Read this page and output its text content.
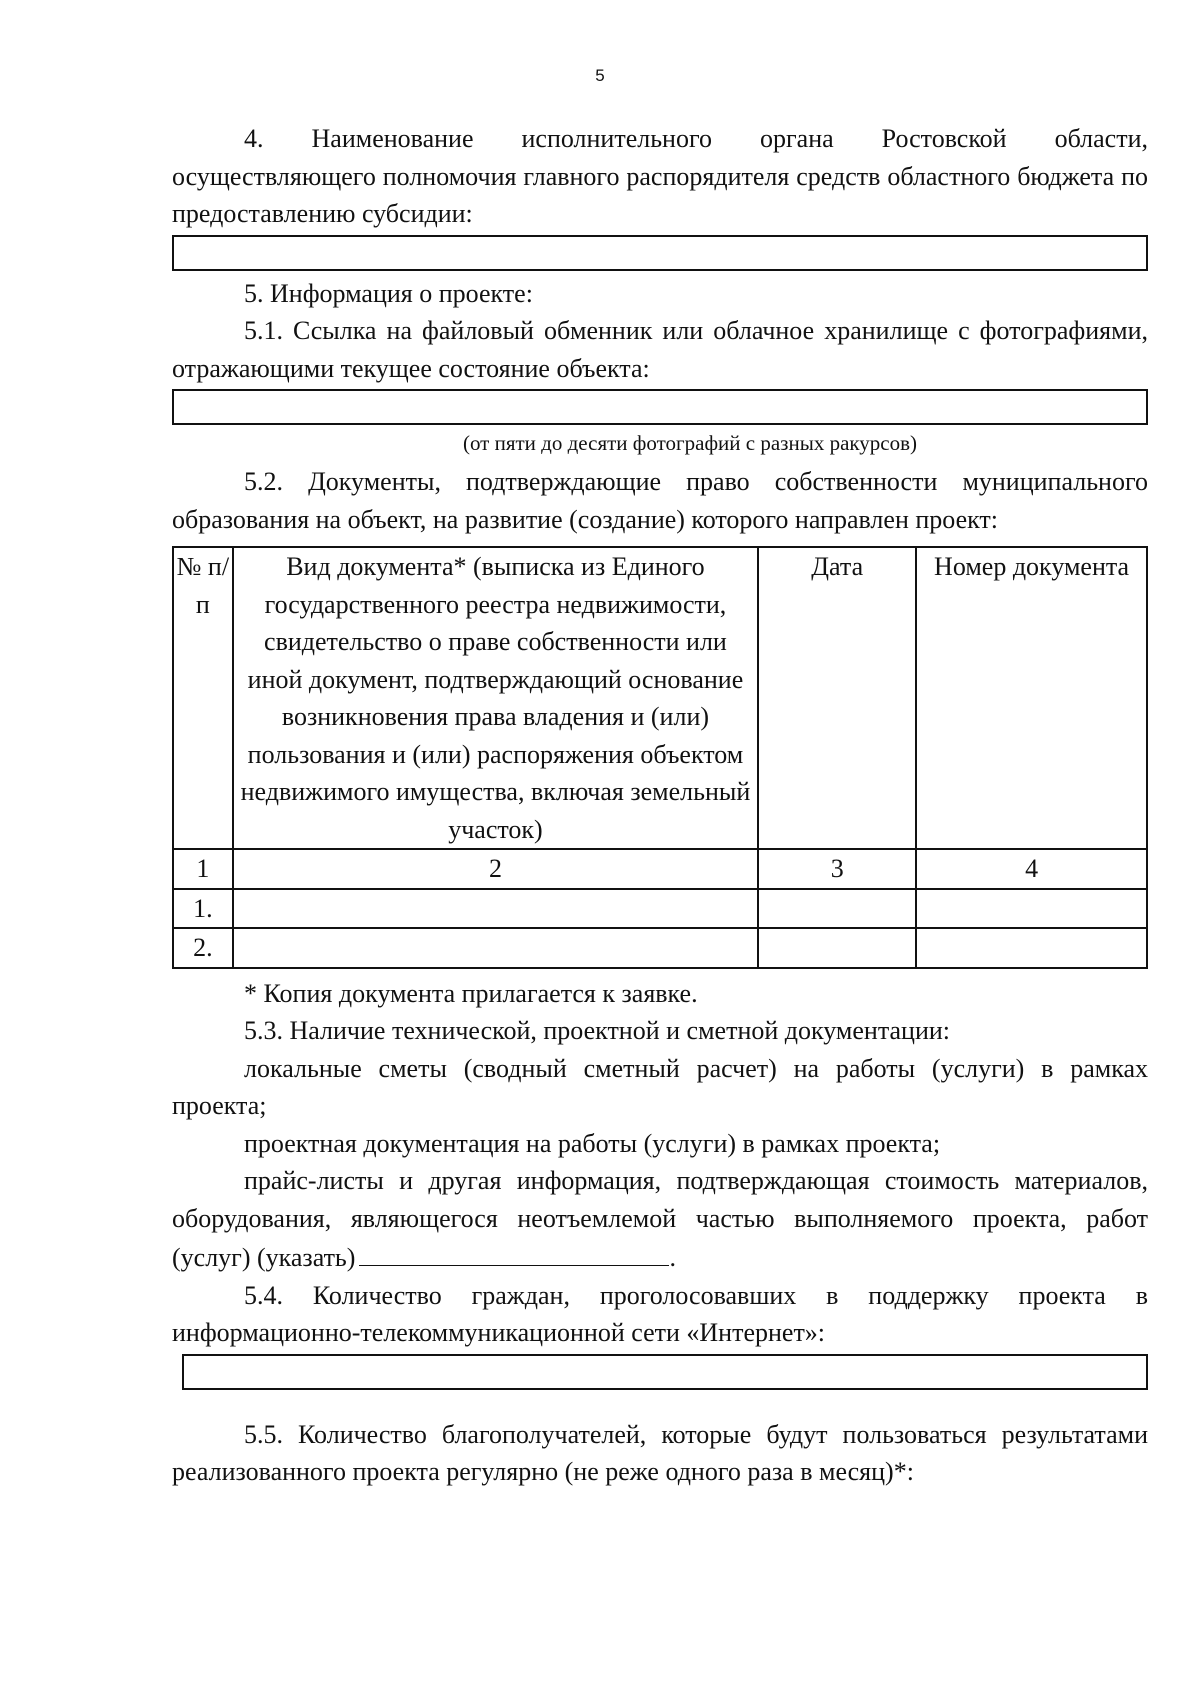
5

4. Наименование исполнительного органа Ростовской области, осуществляющего полномочия главного распорядителя средств областного бюджета по предоставлению субсидии:

5. Информация о проекте:

5.1. Ссылка на файловый обменник или облачное хранилище с фотографиями, отражающими текущее состояние объекта:

(от пяти до десяти фотографий с разных ракурсов)

5.2. Документы, подтверждающие право собственности муниципального образования на объект, на развитие (создание) которого направлен проект:

№ п/п	Вид документа* (выписка из Единого государственного реестра недвижимости, свидетельство о праве собственности или иной документ, подтверждающий основание возникновения права владения и (или) пользования и (или) распоряжения объектом недвижимого имущества, включая земельный участок)	Дата	Номер документа
1	2	3	4
1.			
2.			

* Копия документа прилагается к заявке.

5.3. Наличие технической, проектной и сметной документации:

локальные сметы (сводный сметный расчет) на работы (услуги) в рамках проекта;

проектная документация на работы (услуги) в рамках проекта;

прайс-листы и другая информация, подтверждающая стоимость материалов, оборудования, являющегося неотъемлемой частью выполняемого проекта, работ (услуг) (указать)	.

5.4. Количество граждан, проголосовавших в поддержку проекта в информационно-телекоммуникационной сети «Интернет»:

5.5. Количество благополучателей, которые будут пользоваться результатами реализованного проекта регулярно (не реже одного раза в месяц)*:
